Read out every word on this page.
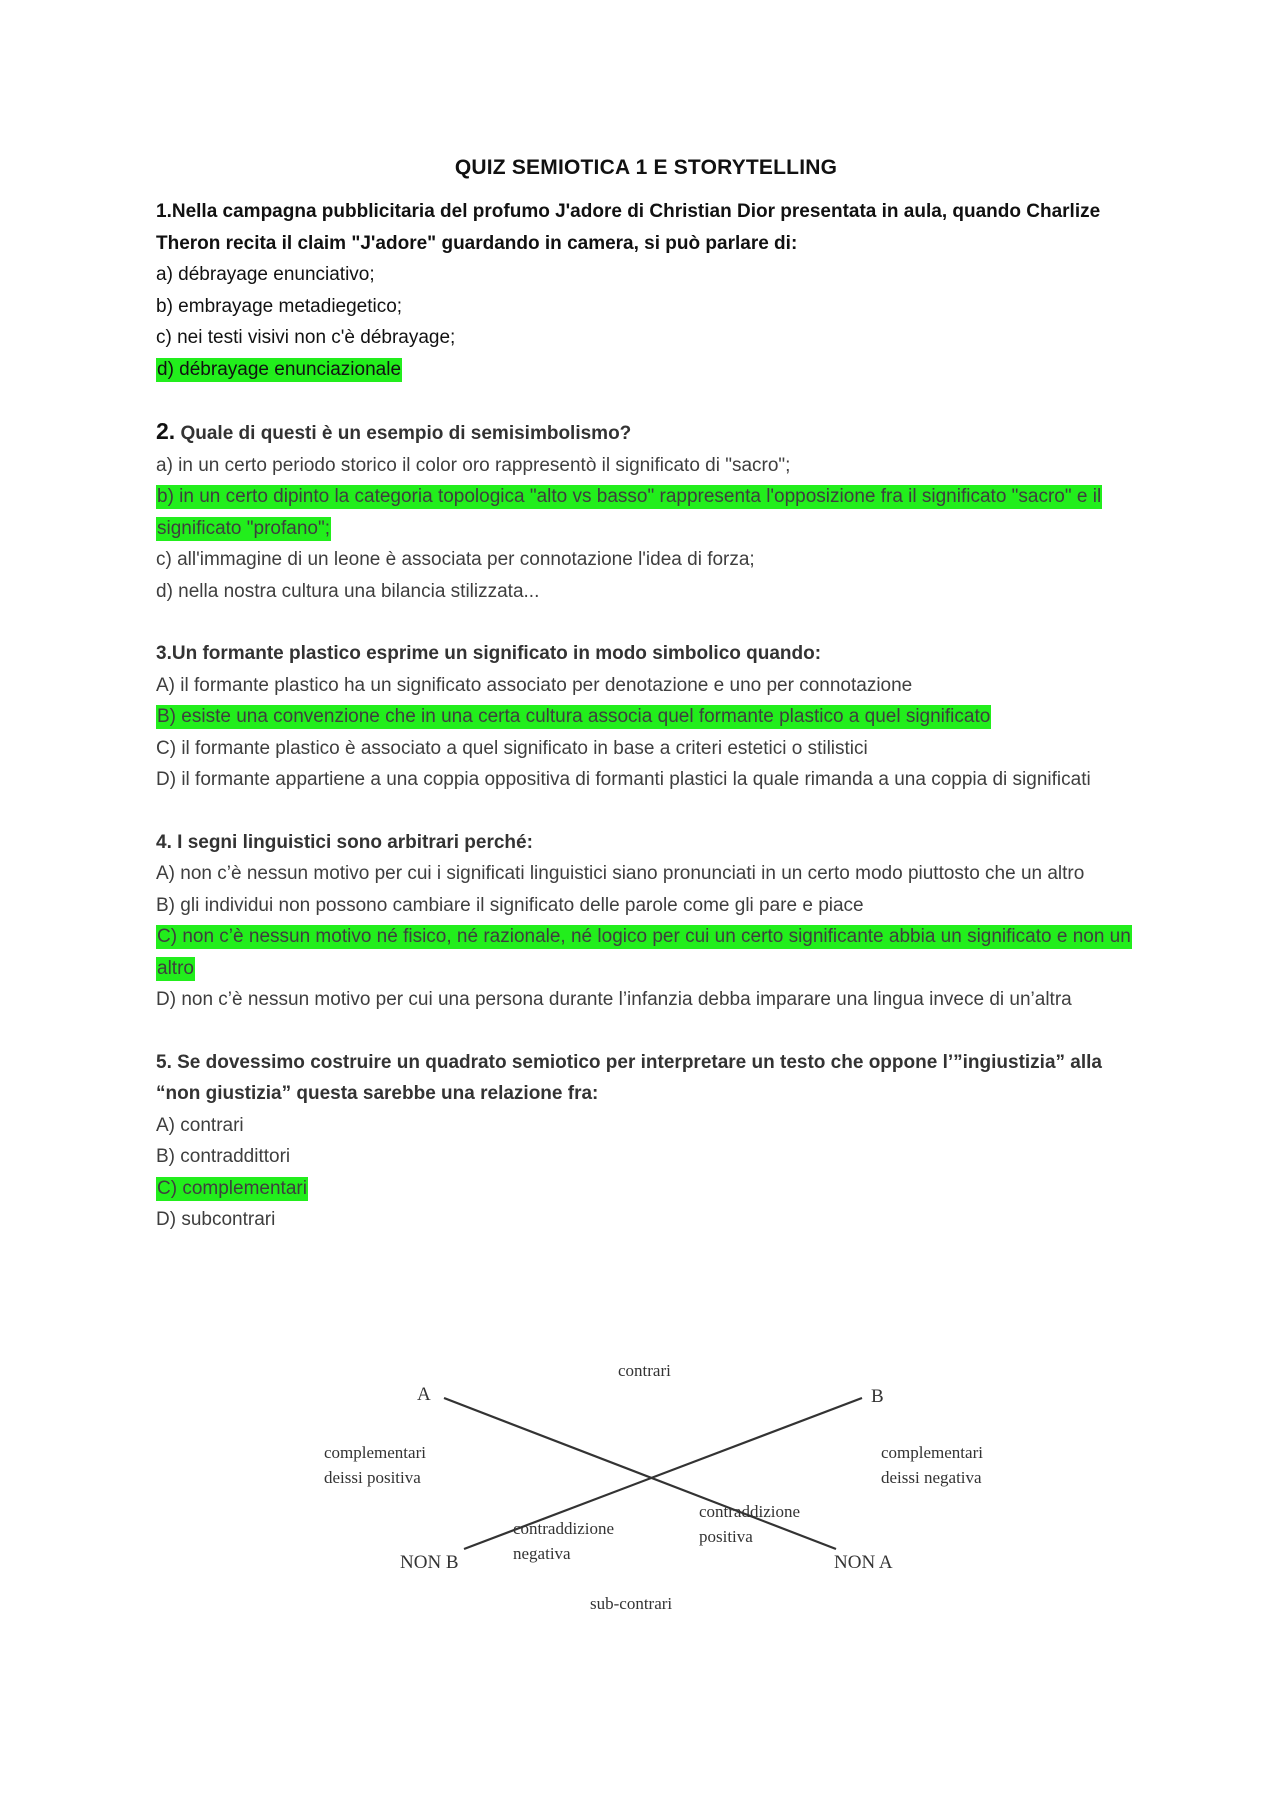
QUIZ SEMIOTICA 1 E STORYTELLING

1.Nella campagna pubblicitaria del profumo J'adore di Christian Dior presentata in aula, quando Charlize Theron recita il claim "J'adore" guardando in camera, si può parlare di:

a) débrayage enunciativo;

b) embrayage metadiegetico;

c) nei testi visivi non c'è débrayage;

d) débrayage enunciazionale

2. Quale di questi è un esempio di semisimbolismo?

a) in un certo periodo storico il color oro rappresentò il significato di "sacro";

b) in un certo dipinto la categoria topologica "alto vs basso" rappresenta l'opposizione fra il significato "sacro" e il significato "profano";

c) all'immagine di un leone è associata per connotazione l'idea di forza;

d) nella nostra cultura una bilancia stilizzata...

3.Un formante plastico esprime un significato in modo simbolico quando:

A) il formante plastico ha un significato associato per denotazione e uno per connotazione

B) esiste una convenzione che in una certa cultura associa quel formante plastico a quel significato

C) il formante plastico è associato a quel significato in base a criteri estetici o stilistici

D) il formante appartiene a una coppia oppositiva di formanti plastici la quale rimanda a una coppia di significati

4. I segni linguistici sono arbitrari perché:

A) non c’è nessun motivo per cui i significati linguistici siano pronunciati in un certo modo piuttosto che un altro

B) gli individui non possono cambiare il significato delle parole come gli pare e piace

C) non c’è nessun motivo né fisico, né razionale, né logico per cui un certo significante abbia un significato e non un altro

D) non c’è nessun motivo per cui una persona durante l’infanzia debba imparare una lingua invece di un’altra

5. Se dovessimo costruire un quadrato semiotico per interpretare un testo che oppone l’”ingiustizia” alla “non giustizia” questa sarebbe una relazione fra:

A) contrari

B) contraddittori

C) complementari

D) subcontrari

contrari
A	B
complementari
deissi positiva
complementari
deissi negativa
contraddizione
negativa
contraddizione
positiva
NON B	NON A
sub-contrari
